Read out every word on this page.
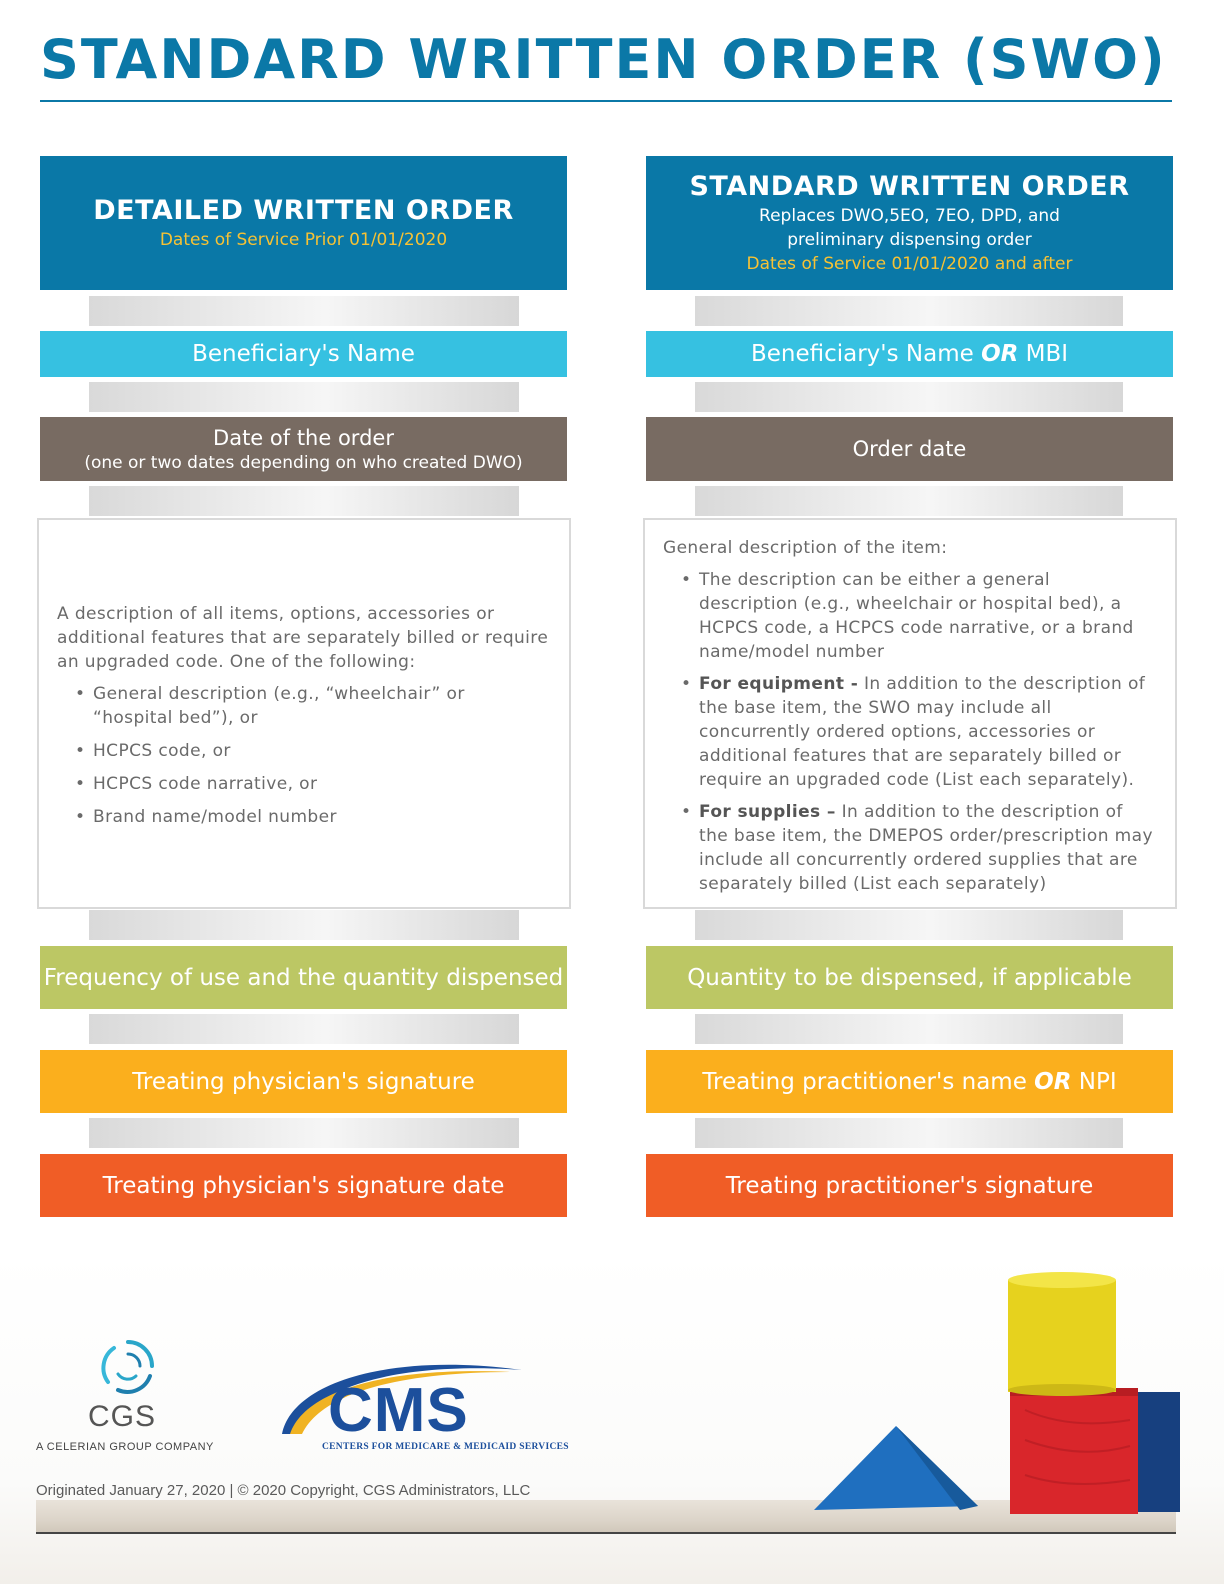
STANDARD WRITTEN ORDER (SWO)
DETAILED WRITTEN ORDER
Dates of Service Prior 01/01/2020
Beneficiary's Name
Date of the order
(one or two dates depending on who created DWO)
A description of all items, options, accessories or additional features that are separately billed or require an upgraded code. One of the following:
• General description (e.g., “wheelchair” or “hospital bed”), or
• HCPCS code, or
• HCPCS code narrative, or
• Brand name/model number
Frequency of use and the quantity dispensed
Treating physician's signature
Treating physician's signature date
STANDARD WRITTEN ORDER
Replaces DWO,5EO, 7EO, DPD, and
preliminary dispensing order
Dates of Service 01/01/2020 and after
Beneficiary's Name OR MBI
Order date
General description of the item:
• The description can be either a general description (e.g., wheelchair or hospital bed), a HCPCS code, a HCPCS code narrative, or a brand name/model number
• For equipment - In addition to the description of the base item, the SWO may include all concurrently ordered options, accessories or additional features that are separately billed or require an upgraded code (List each separately).
• For supplies – In addition to the description of the base item, the DMEPOS order/prescription may include all concurrently ordered supplies that are separately billed (List each separately)
Quantity to be dispensed, if applicable
Treating practitioner's name OR NPI
Treating practitioner's signature
CGS
A CELERIAN GROUP COMPANY
CMS
CENTERS FOR MEDICARE & MEDICAID SERVICES
Originated January 27, 2020 | © 2020 Copyright, CGS Administrators, LLC
